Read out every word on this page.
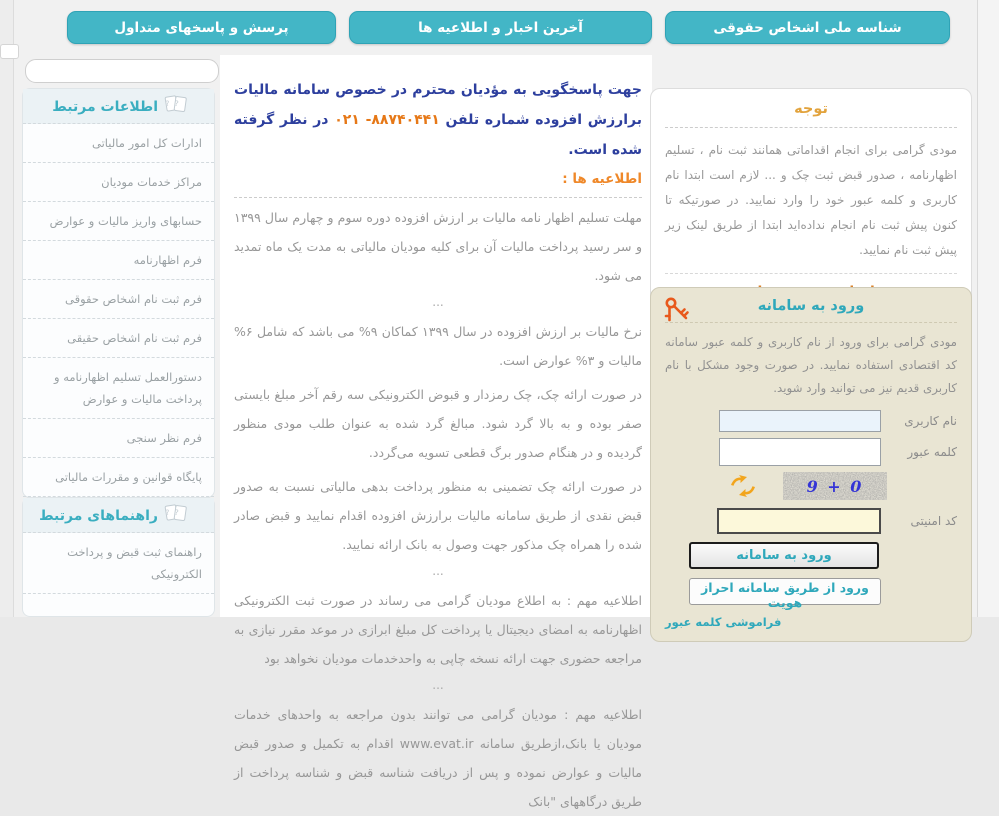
شناسه ملی اشخاص حقوقی
آخرین اخبار و اطلاعیه ها
پرسش و پاسخهای متداول
? ?
اطلاعات مرتبط
ادارات کل امور مالیاتی
مراکز خدمات مودیان
حسابهای واریز مالیات و عوارض
فرم اظهارنامه
فرم ثبت نام اشخاص حقوقی
فرم ثبت نام اشخاص حقیقی
دستورالعمل تسلیم اظهارنامه و پرداخت مالیات و عوارض
فرم نظر سنجی
پایگاه قوانین و مقررات مالیاتی
? ?
راهنماهای مرتبط
راهنمای ثبت قبض و پرداخت الکترونیکی

جهت پاسخگویی به مؤدیان محترم در خصوص سامانه مالیات برارزش افزوده شماره تلفن ۸۸۷۴۰۴۴۱- ۰۲۱ در نظر گرفته شده است.

اطلاعیه ها :

مهلت تسلیم اظهار نامه مالیات بر ارزش افزوده دوره سوم و چهارم سال ۱۳۹۹ و سر رسید پرداخت مالیات آن برای کلیه مودیان مالیاتی به مدت یک ماه تمدید می شود.

...

نرخ مالیات بر ارزش افزوده در سال ۱۳۹۹ کماکان ۹% می باشد که شامل ۶% مالیات و ۳% عوارض است.

در صورت ارائه چک، چک رمزدار و قبوض الکترونیکی سه رقم آخر مبلغ بایستی صفر بوده و به بالا گرد شود. مبالغ گرد شده به عنوان طلب مودی منظور گردیده و در هنگام صدور برگ قطعی تسویه می‌گردد.

در صورت ارائه چک تضمینی به منظور پرداخت بدهی مالیاتی نسبت به صدور قبض نقدی از طریق سامانه مالیات برارزش افزوده اقدام نمایید و قبض صادر شده را همراه چک مذکور جهت وصول به بانک ارائه نمایید.

...

اطلاعیه مهم : به اطلاع مودیان گرامی می رساند در صورت ثبت الکترونیکی اظهارنامه به امضای دیجیتال یا پرداخت کل مبلغ ابرازی در موعد مقرر نیازی به مراجعه حضوری جهت ارائه نسخه چاپی به واحدخدمات مودیان نخواهد بود

...

اطلاعیه مهم : مودیان گرامی می توانند بدون مراجعه به واحدهای خدمات مودیان یا بانک،ازطریق سامانه www.evat.ir اقدام به تکمیل و صدور قبض مالیات و عوارض نموده و پس از دریافت شناسه قبض و شناسه پرداخت از طریق درگاههای "بانک

توجه

مودی گرامی برای انجام اقداماتی همانند ثبت نام ، تسلیم اظهارنامه ، صدور قبض ثبت چک و ... لازم است ابتدا نام کاربری و کلمه عبور خود را وارد نمایید. در صورتیکه تا کنون پیش ثبت نام انجام نداده‌اید ابتدا از طریق لینک زیر پیش ثبت نام نمایید.

ورود به سامانه

مودی گرامی برای ورود از نام کاربری و کلمه عبور سامانه کد اقتصادی استفاده نمایید. در صورت وجود مشکل با نام کاربری قدیم نیز می توانید وارد شوید.

نام کاربری
کلمه عبور
0 + 9
کد امنیتی
ورود به سامانه
ورود از طریق سامانه احراز هویت
فراموشی کلمه عبور
